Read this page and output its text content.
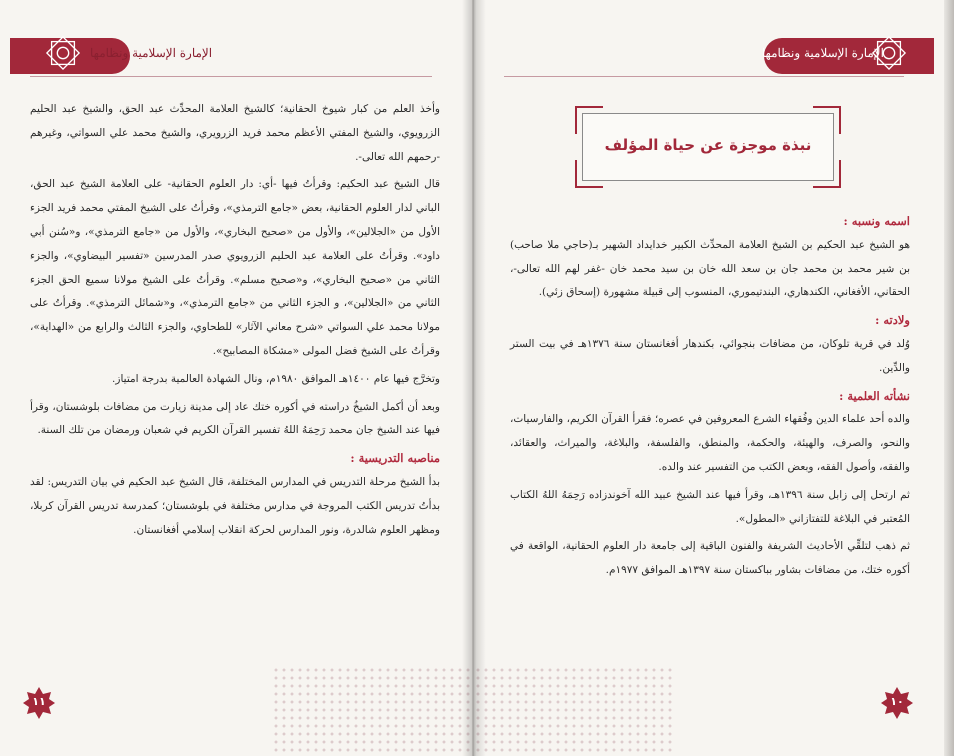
الإمارة الإسلامية ونظامها

وأخذ العلم من كبار شيوخ الحقانية؛ كالشيخ العلامة المحدِّث عبد الحق، والشيخ عبد الحليم الزرويوي، والشيخ المفتي الأعظم محمد فريد الزرويري، والشيخ محمد علي السواتي، وغيرهم -رحمهم الله تعالى-.

قال الشيخ عبد الحكيم: وقرأتُ فيها -أي: دار العلوم الحقانية- على العلامة الشيخ عبد الحق، الباني لدار العلوم الحقانية، بعض «جامع الترمذي»، وقرأتُ على الشيخ المفتي محمد فريد الجزء الأول من «الجلالين»، والأول من «صحيح البخاري»، والأول من «جامع الترمذي»، و«سُنن أبي داود». وقرأتُ على العلامة عبد الحليم الزرويوي صدر المدرسين «تفسير البيضاوي»، والجزء الثاني من «صحيح البخاري»، و«صحيح مسلم». وقرأتُ على الشيخ مولانا سميع الحق الجزء الثاني من «الجلالين»، و الجزء الثاني من «جامع الترمذي»، و«شمائل الترمذي». وقرأتُ على مولانا محمد علي السواتي «شرح معاني الآثار» للطحاوي، والجزء الثالث والرابع من «الهداية»، وقرأتُ على الشيخ فضل المولى «مشكاة المصابيح».

وتخرَّج فيها عام ١٤٠٠هـ الموافق ١٩٨٠م، ونال الشهادة العالمية بدرجة امتياز.

وبعد أن أكمل الشيخُ دراسته في أكوره ختك عاد إلى مدينة زيارت من مضافات بلوشستان، وقرأ فيها عند الشيخ جان محمد رَحِمَهُ اللهُ تفسير القرآن الكريم في شعبان ورمضان من تلك السنة.

مناصبه التدريسية :

بدأ الشيخ مرحلة التدريس في المدارس المختلفة، قال الشيخ عبد الحكيم في بيان التدريس: لقد بدأتُ تدريس الكتب المروجة في مدارس مختلفة في بلوشستان؛ كمدرسة تدريس القرآن كربلا، ومظهر العلوم شالدرة، ونور المدارس لحركة انقلاب إسلامي أفغانستان.

١١
الإمارة الإسلامية ونظامها
نبذة موجزة عن حياة المؤلف
اسمه ونسبه :

هو الشيخ عبد الحكيم بن الشيخ العلامة المحدِّث الكبير خدايداد الشهير بـ(حاجي ملا صاحب) بن شير محمد بن محمد جان بن سعد الله خان بن سيد محمد خان -غفر لهم الله تعالى-، الحقاني، الأفغاني، الكندهاري، البندتيموري، المنسوب إلى قبيلة مشهورة (إسحاق زئي).

ولادته :

وُلد في قرية تلوكان، من مضافات بنجوائي، بكندهار أفغانستان سنة ١٣٧٦هـ في بيت الستر والدِّين.

نشأته العلمية :

والده أحد علماء الدين وفُقهاء الشرع المعروفين في عصره؛ فقرأ القرآن الكريم، والفارسيات، والنحو، والصرف، والهيئة، والحكمة، والمنطق، والفلسفة، والبلاغة، والميراث، والعقائد، والفقه، وأصول الفقه، وبعض الكتب من التفسير عند والده.

ثم ارتحل إلى زابل سنة ١٣٩٦هـ، وقرأ فيها عند الشيخ عبيد الله آخوندزاده رَحِمَهُ اللهُ الكتاب المُعتبر في البلاغة للتفتازاني «المطول».

ثم ذهب لتلقِّي الأحاديث الشريفة والفنون الباقية إلى جامعة دار العلوم الحقانية، الواقعة في أكوره ختك، من مضافات بشاور بباكستان سنة ١٣٩٧هـ الموافق ١٩٧٧م.

١٠
